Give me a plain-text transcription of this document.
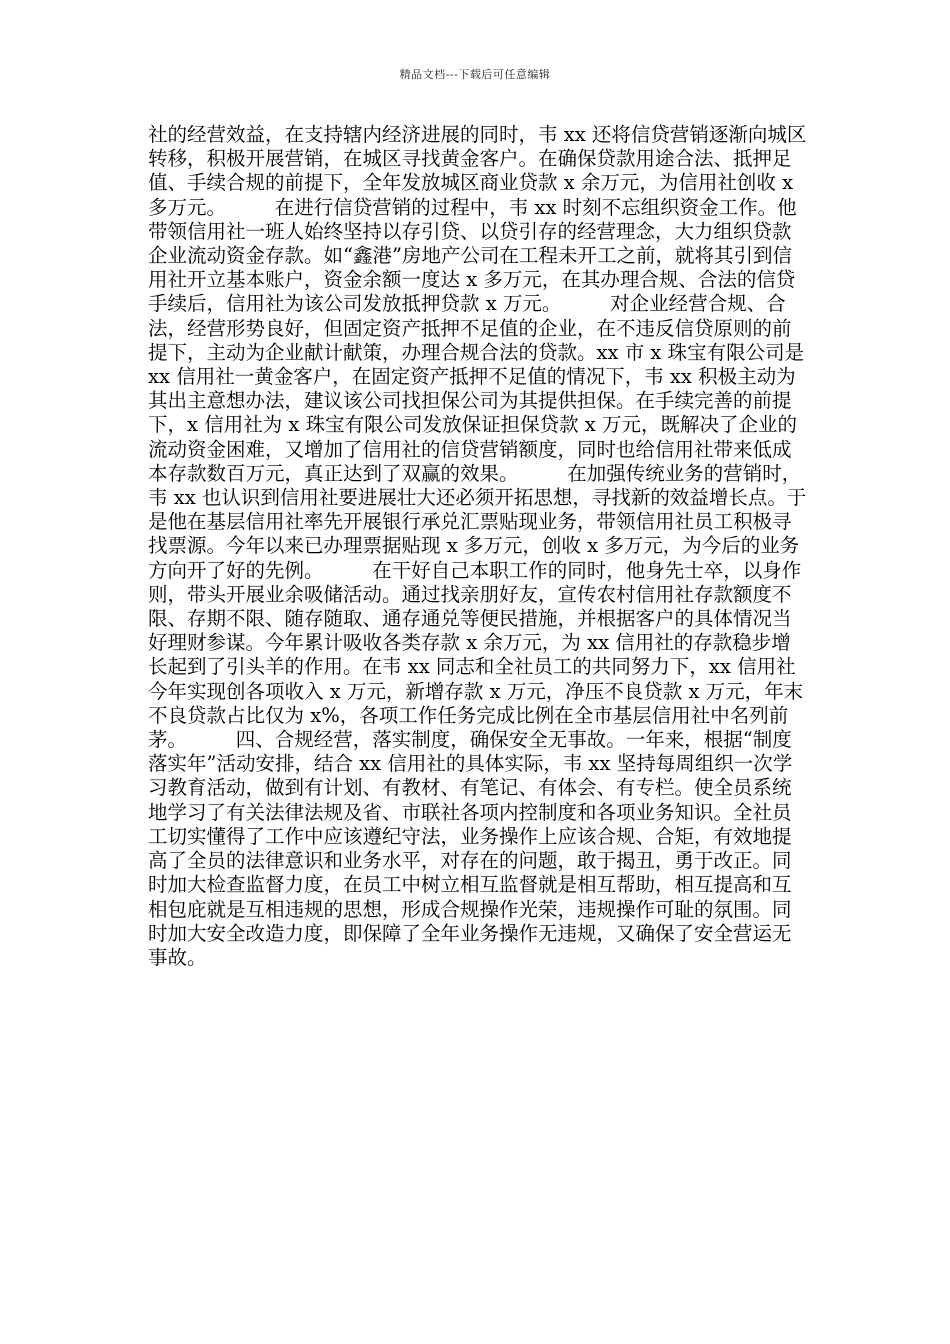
精品文档---下载后可任意编辑

社的经营效益，在支持辖内经济进展的同时，韦 xx 还将信贷营销逐渐向城区转移，积极开展营销，在城区寻找黄金客户。在确保贷款用途合法、抵押足值、手续合规的前提下，全年发放城区商业贷款 x 余万元，为信用社创收 x 多万元。　　　在进行信贷营销的过程中，韦 xx 时刻不忘组织资金工作。他带领信用社一班人始终坚持以存引贷、以贷引存的经营理念，大力组织贷款企业流动资金存款。如“鑫港”房地产公司在工程未开工之前，就将其引到信用社开立基本账户，资金余额一度达 x 多万元，在其办理合规、合法的信贷手续后，信用社为该公司发放抵押贷款 x 万元。　　　对企业经营合规、合法，经营形势良好，但固定资产抵押不足值的企业，在不违反信贷原则的前提下，主动为企业献计献策，办理合规合法的贷款。xx 市 x 珠宝有限公司是 xx 信用社一黄金客户，在固定资产抵押不足值的情况下，韦 xx 积极主动为其出主意想办法，建议该公司找担保公司为其提供担保。在手续完善的前提下，x 信用社为 x 珠宝有限公司发放保证担保贷款 x 万元，既解决了企业的流动资金困难，又增加了信用社的信贷营销额度，同时也给信用社带来低成本存款数百万元，真正达到了双赢的效果。　　　在加强传统业务的营销时，韦 xx 也认识到信用社要进展壮大还必须开拓思想，寻找新的效益增长点。于是他在基层信用社率先开展银行承兑汇票贴现业务，带领信用社员工积极寻找票源。今年以来已办理票据贴现 x 多万元，创收 x 多万元，为今后的业务方向开了好的先例。　　　在干好自己本职工作的同时，他身先士卒，以身作则，带头开展业余吸储活动。通过找亲朋好友，宣传农村信用社存款额度不限、存期不限、随存随取、通存通兑等便民措施，并根据客户的具体情况当好理财参谋。今年累计吸收各类存款 x 余万元，为 xx 信用社的存款稳步增长起到了引头羊的作用。在韦 xx 同志和全社员工的共同努力下，xx 信用社今年实现创各项收入 x 万元，新增存款 x 万元，净压不良贷款 x 万元，年末不良贷款占比仅为 x%，各项工作任务完成比例在全市基层信用社中名列前茅。　　　四、合规经营，落实制度，确保安全无事故。一年来，根据“制度落实年”活动安排，结合 xx 信用社的具体实际，韦 xx 坚持每周组织一次学习教育活动，做到有计划、有教材、有笔记、有体会、有专栏。使全员系统地学习了有关法律法规及省、市联社各项内控制度和各项业务知识。全社员工切实懂得了工作中应该遵纪守法，业务操作上应该合规、合矩，有效地提高了全员的法律意识和业务水平，对存在的问题，敢于揭丑，勇于改正。同时加大检查监督力度，在员工中树立相互监督就是相互帮助，相互提高和互相包庇就是互相违规的思想，形成合规操作光荣，违规操作可耻的氛围。同时加大安全改造力度，即保障了全年业务操作无违规，又确保了安全营运无事故。
